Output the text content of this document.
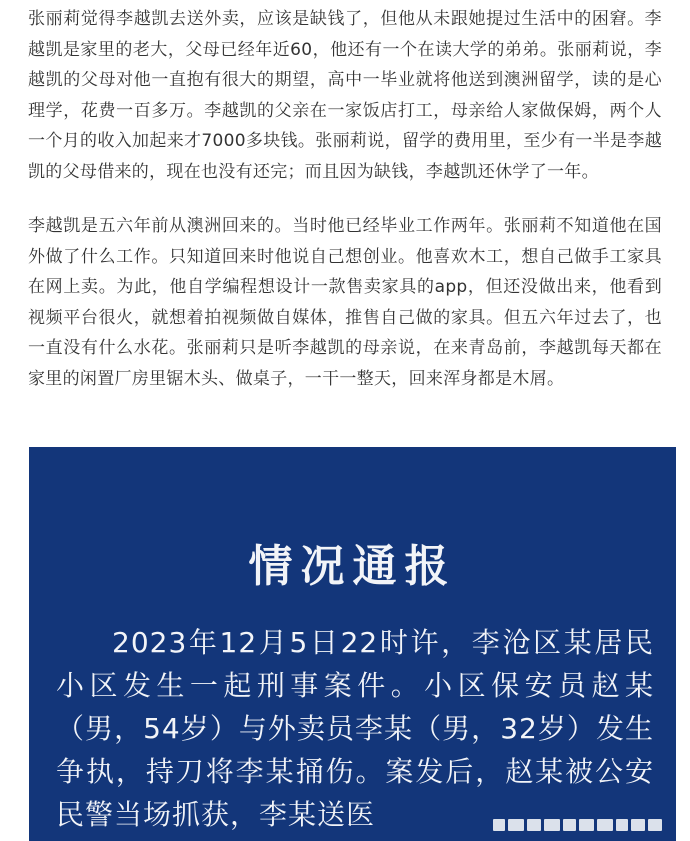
张丽莉觉得李越凯去送外卖，应该是缺钱了，但他从未跟她提过生活中的困窘。李越凯是家里的老大，父母已经年近60，他还有一个在读大学的弟弟。张丽莉说，李越凯的父母对他一直抱有很大的期望，高中一毕业就将他送到澳洲留学，读的是心理学，花费一百多万。李越凯的父亲在一家饭店打工，母亲给人家做保姆，两个人一个月的收入加起来才7000多块钱。张丽莉说，留学的费用里，至少有一半是李越凯的父母借来的，现在也没有还完；而且因为缺钱，李越凯还休学了一年。

李越凯是五六年前从澳洲回来的。当时他已经毕业工作两年。张丽莉不知道他在国外做了什么工作。只知道回来时他说自己想创业。他喜欢木工，想自己做手工家具在网上卖。为此，他自学编程想设计一款售卖家具的app，但还没做出来，他看到视频平台很火，就想着拍视频做自媒体，推售自己做的家具。但五六年过去了，也一直没有什么水花。张丽莉只是听李越凯的母亲说，在来青岛前，李越凯每天都在家里的闲置厂房里锯木头、做桌子，一干一整天，回来浑身都是木屑。

情况通报
2023年12月5日22时许，李沧区某居民小区发生一起刑事案件。小区保安员赵某（男，54岁）与外卖员李某（男，32岁）发生争执，持刀将李某捅伤。案发后，赵某被公安民警当场抓获，李某送医
